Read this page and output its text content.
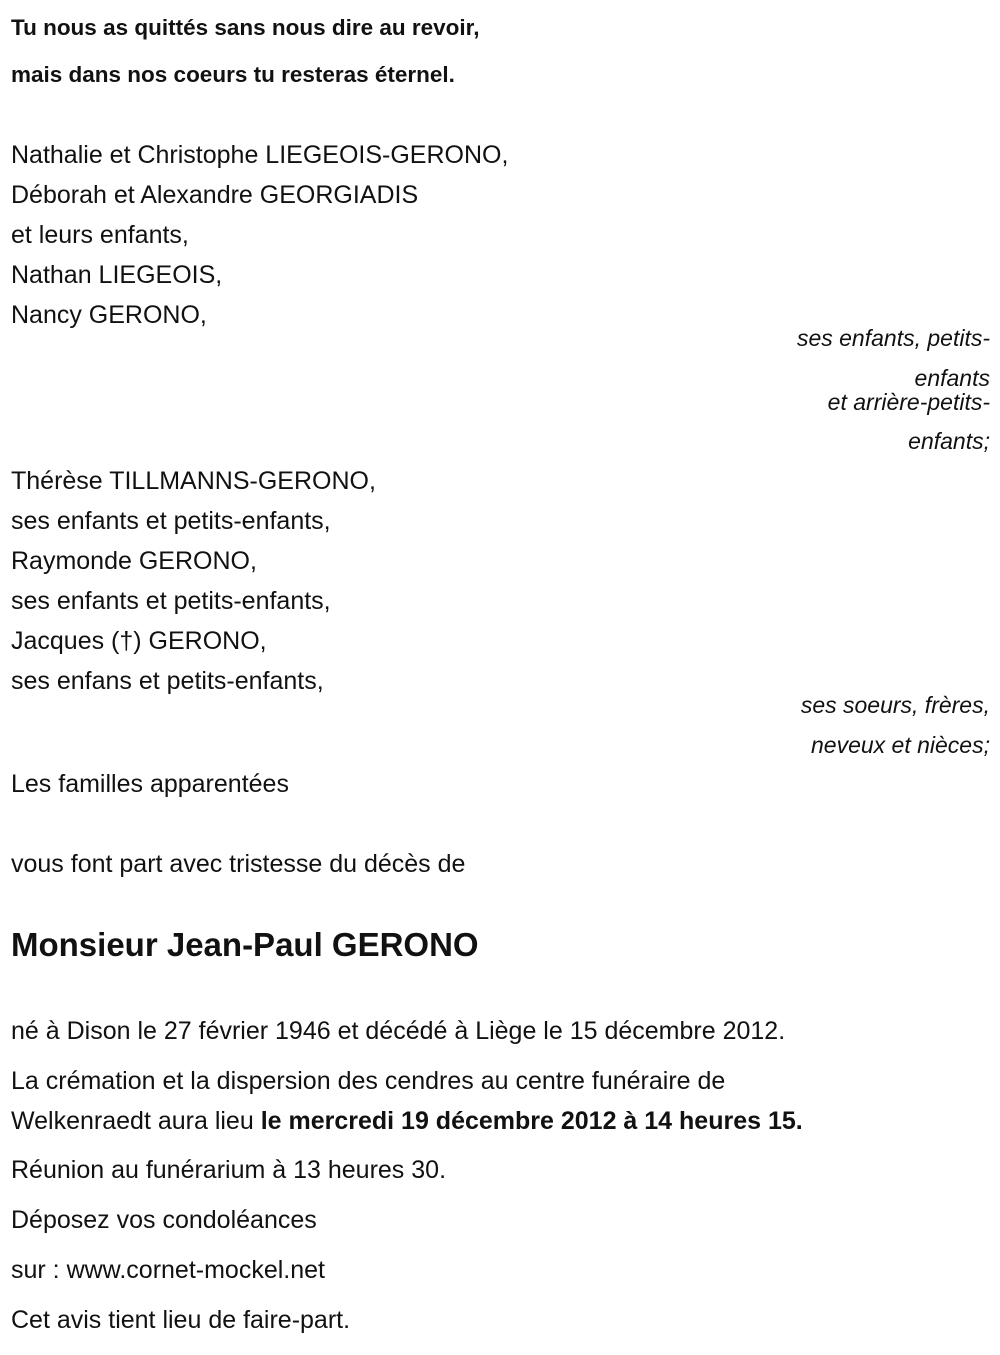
Tu nous as quittés sans nous dire au revoir,
mais dans nos coeurs tu resteras éternel.
Nathalie et Christophe LIEGEOIS-GERONO,
Déborah et Alexandre GEORGIADIS
et leurs enfants,
Nathan LIEGEOIS,
Nancy GERONO,
ses enfants, petits-
enfants
et arrière-petits-
enfants;
Thérèse TILLMANNS-GERONO,
ses enfants et petits-enfants,
Raymonde GERONO,
ses enfants et petits-enfants,
Jacques (†) GERONO,
ses enfans et petits-enfants,
ses soeurs, frères,
neveux et nièces;
Les familles apparentées
vous font part avec tristesse du décès de
Monsieur Jean-Paul GERONO
né à Dison le 27 février 1946 et décédé à Liège le 15 décembre 2012.
La crémation et la dispersion des cendres au centre funéraire de
Welkenraedt aura lieu le mercredi 19 décembre 2012 à 14 heures 15.
Réunion au funérarium à 13 heures 30.
Déposez vos condoléances
sur : www.cornet-mockel.net
Cet avis tient lieu de faire-part.
